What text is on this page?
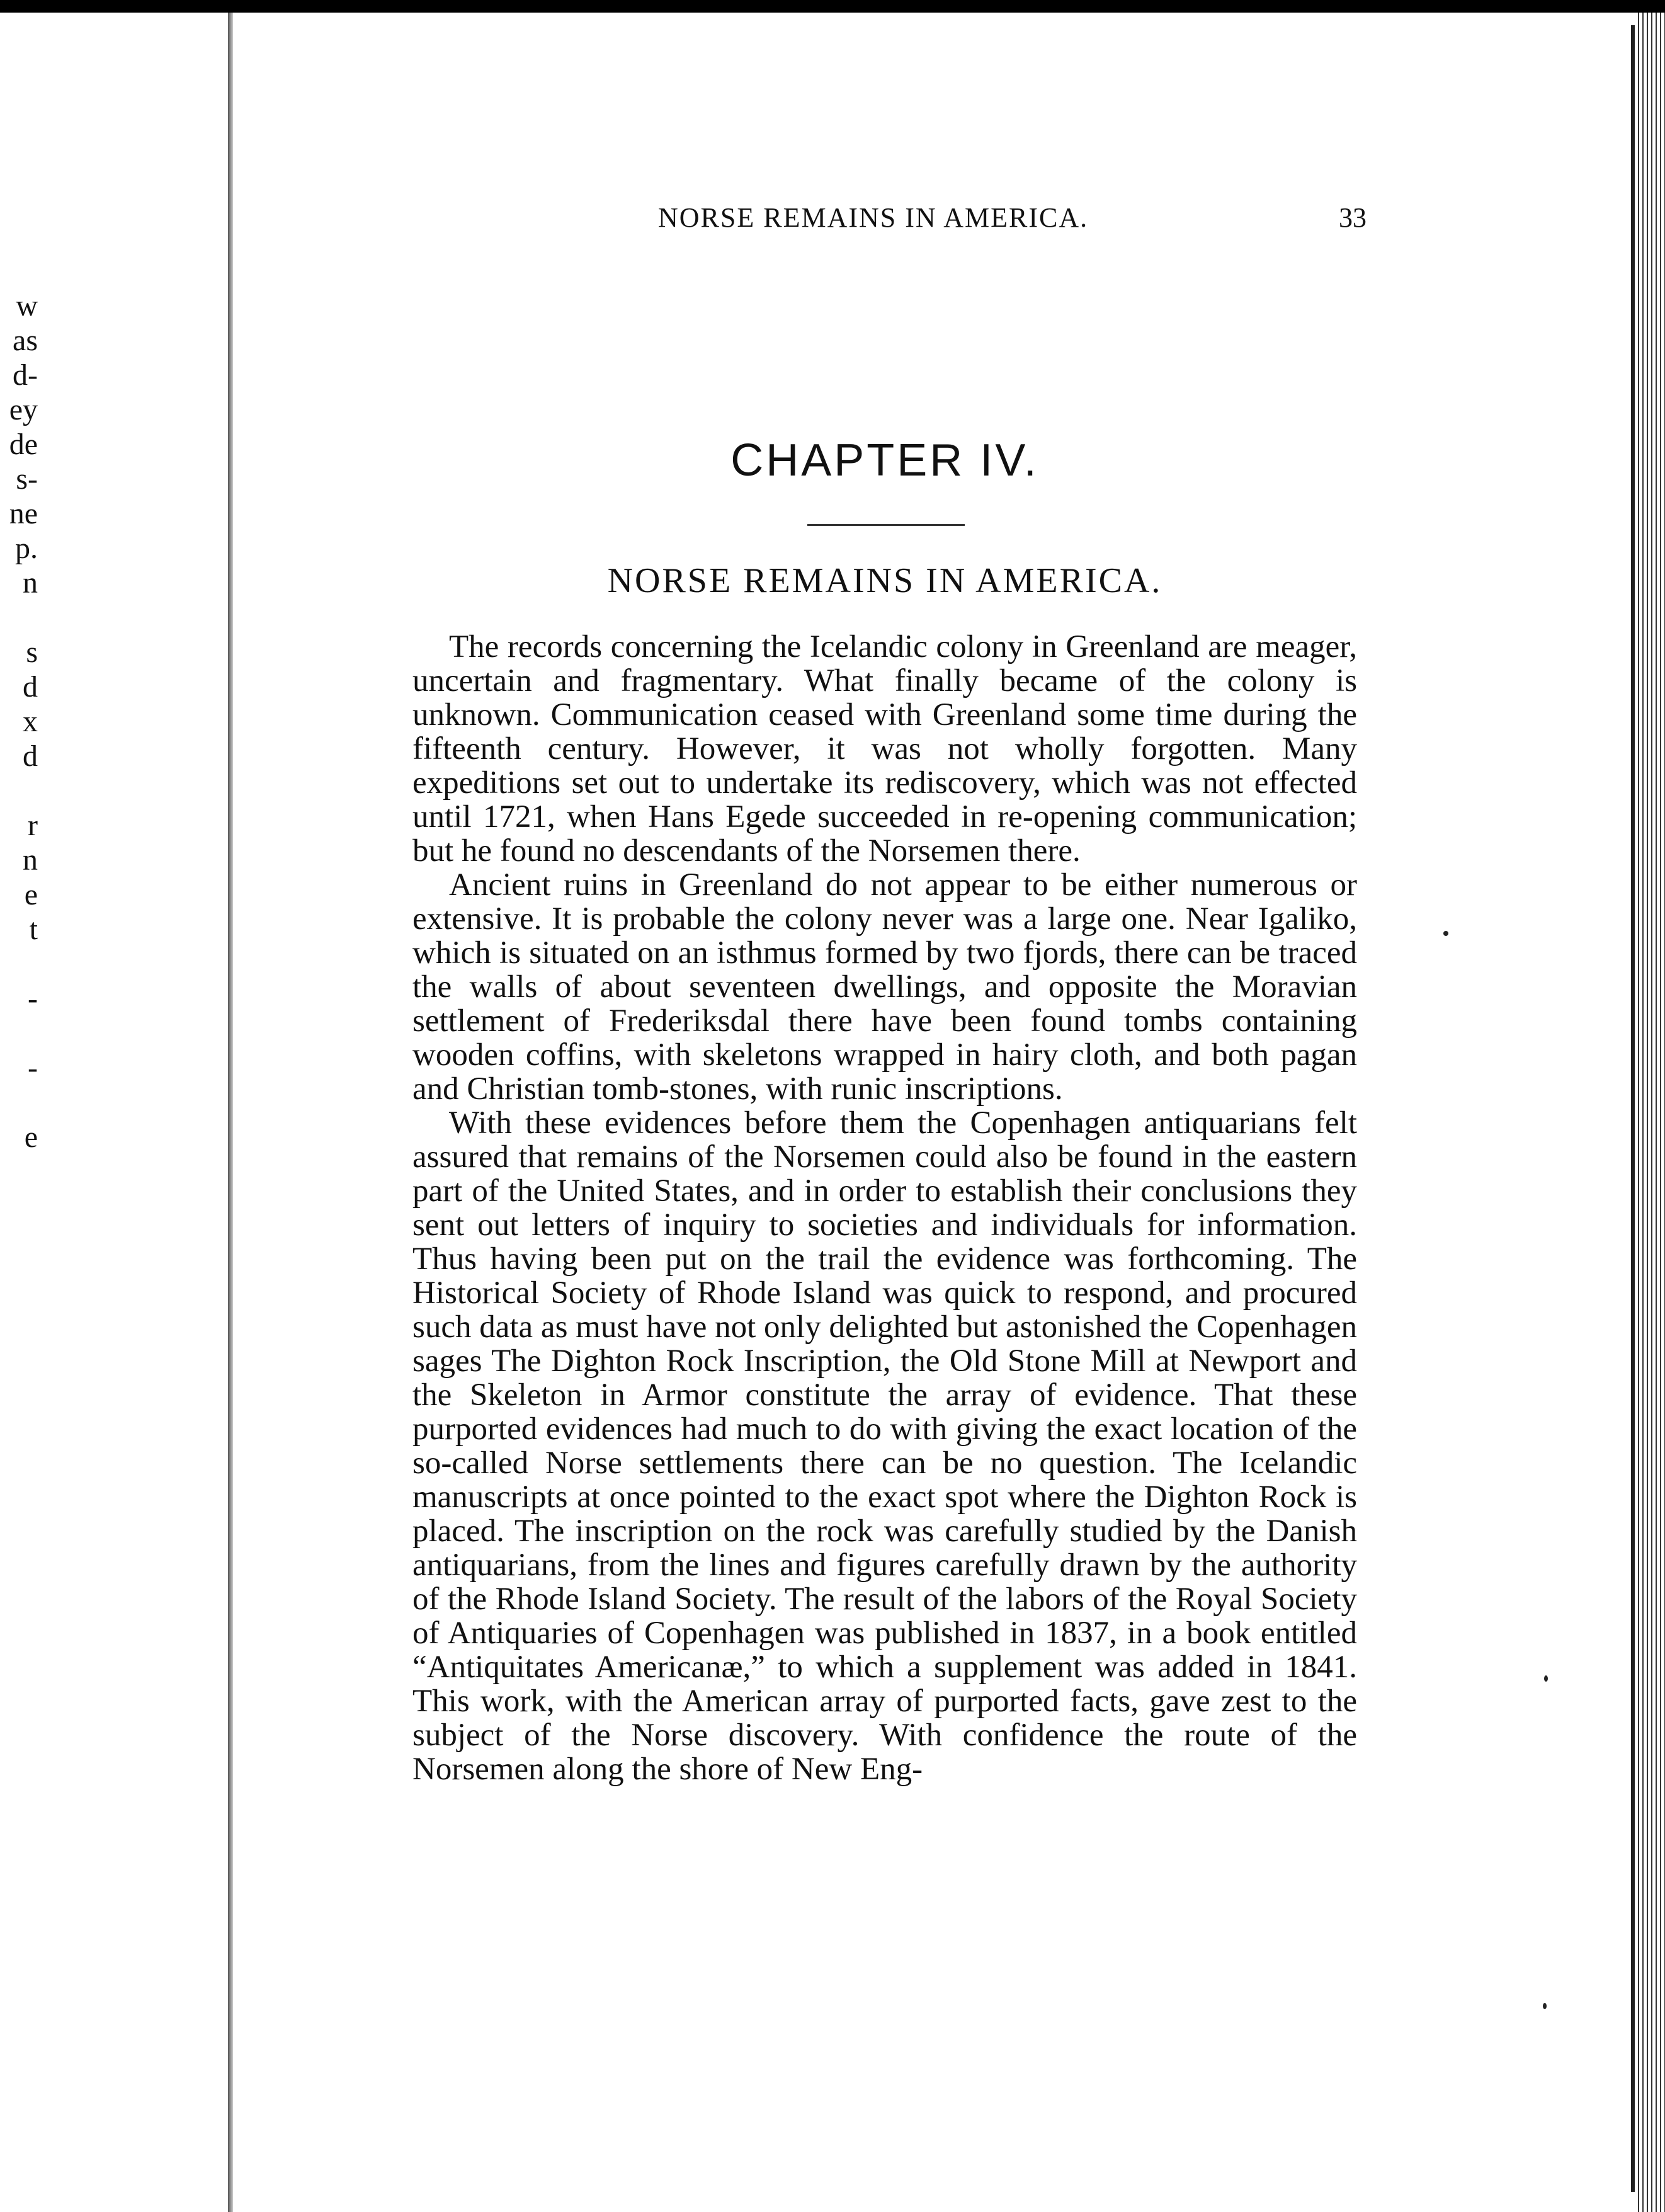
w
as
d-
ey
de
s-
ne
p.
n
s
d
x
d
r
n
e
t
-
-
e
NORSE REMAINS IN AMERICA.	33
CHAPTER IV.
NORSE REMAINS IN AMERICA.

The records concerning the Icelandic colony in Greenland are meager, uncertain and fragmentary. What finally became of the colony is unknown. Communication ceased with Greenland some time during the fifteenth century. However, it was not wholly forgotten. Many expeditions set out to undertake its rediscovery, which was not effected until 1721, when Hans Egede succeeded in re-opening communication; but he found no descendants of the Norsemen there.

Ancient ruins in Greenland do not appear to be either numerous or extensive. It is probable the colony never was a large one. Near Igaliko, which is situated on an isthmus formed by two fjords, there can be traced the walls of about seventeen dwellings, and opposite the Moravian settlement of Frederiksdal there have been found tombs containing wooden coffins, with skeletons wrapped in hairy cloth, and both pagan and Christian tomb-stones, with runic inscriptions.

With these evidences before them the Copenhagen antiquarians felt assured that remains of the Norsemen could also be found in the eastern part of the United States, and in order to establish their conclusions they sent out letters of inquiry to societies and individuals for information. Thus having been put on the trail the evidence was forthcoming. The Historical Society of Rhode Island was quick to respond, and procured such data as must have not only delighted but astonished the Copenhagen sages The Dighton Rock Inscription, the Old Stone Mill at Newport and the Skeleton in Armor constitute the array of evidence. That these purported evidences had much to do with giving the exact location of the so-called Norse settlements there can be no question. The Icelandic manuscripts at once pointed to the exact spot where the Dighton Rock is placed. The inscription on the rock was carefully studied by the Danish antiquarians, from the lines and figures carefully drawn by the authority of the Rhode Island Society. The result of the labors of the Royal Society of Antiquaries of Copenhagen was published in 1837, in a book entitled “Antiquitates Americanæ,” to which a supplement was added in 1841. This work, with the American array of purported facts, gave zest to the subject of the Norse discovery. With confidence the route of the Norsemen along the shore of New Eng-
